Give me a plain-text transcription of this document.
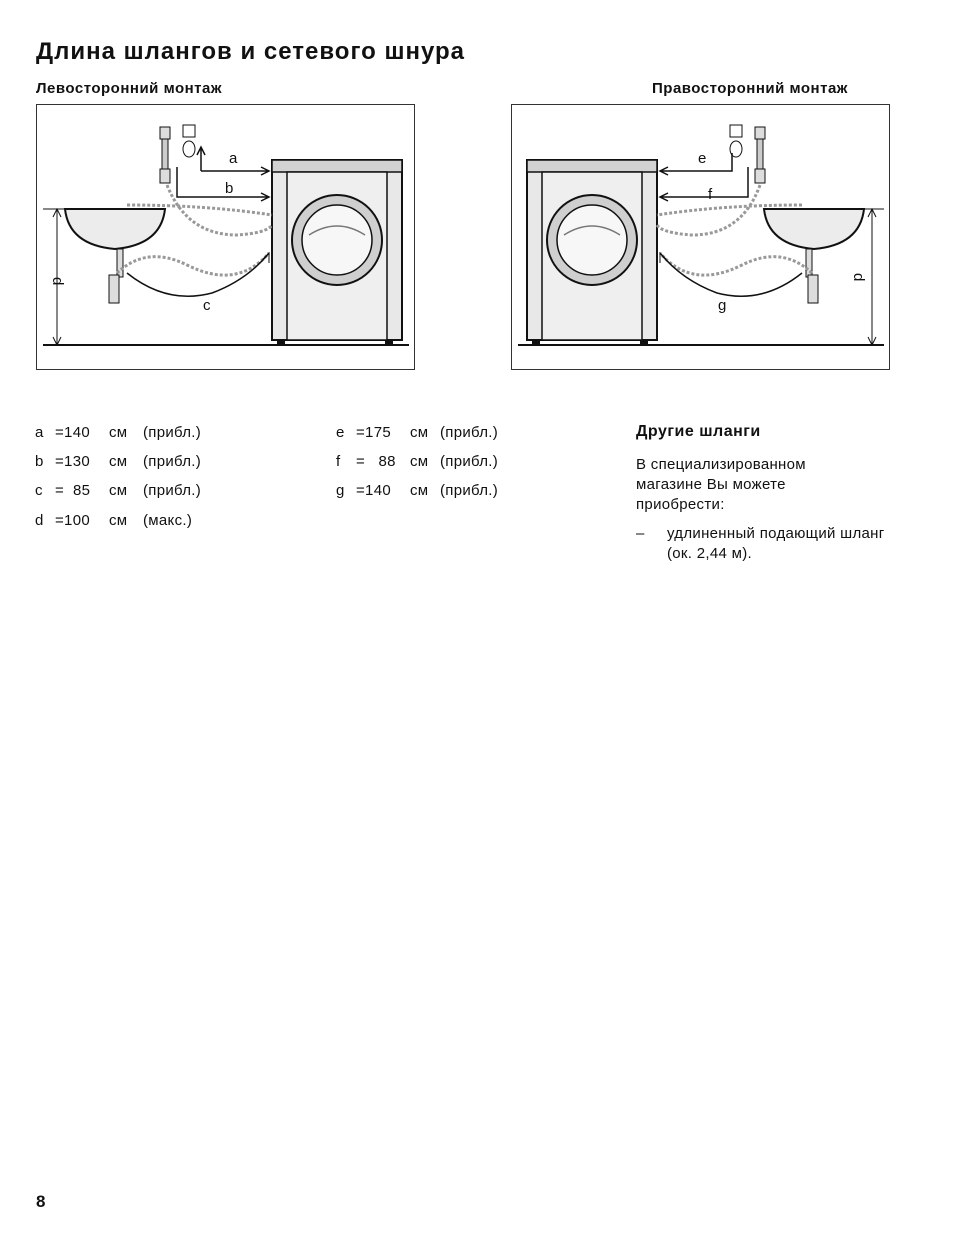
Длина шлангов и сетевого шнура
Левосторонний монтаж	Правосторонний монтаж
d
a
b
c
d
e
f
g
a =140 см (прибл.)
b =130 см (прибл.)
c =  85 см (прибл.)
d =100 см (макс.)
e =175 см (прибл.)
f =   88 см (прибл.)
g =140 см (прибл.)
Другие шланги
В специализированном магазине Вы можете приобрести:
– удлиненный подающий шланг (ок. 2,44 м).
8
